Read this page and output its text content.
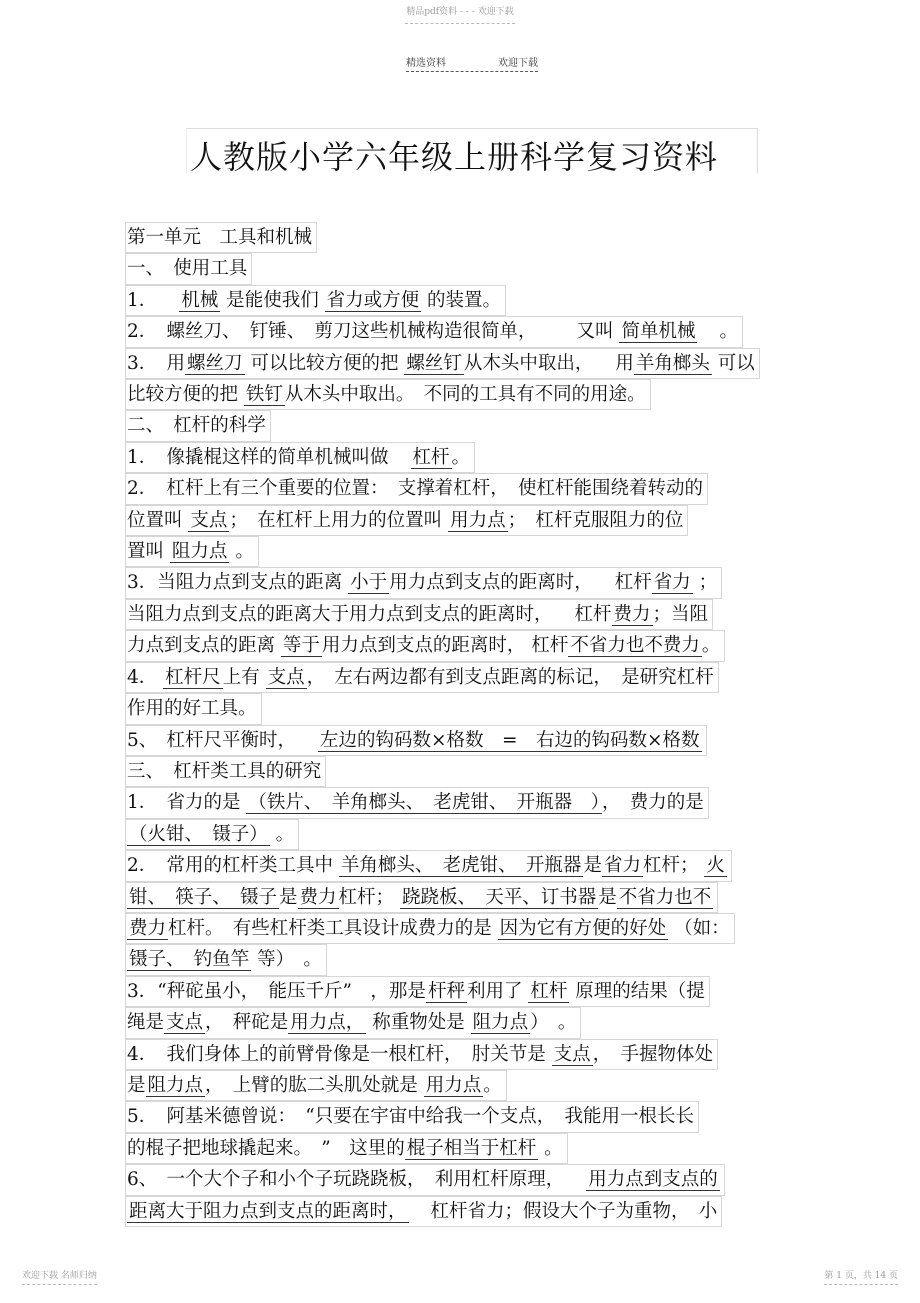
精品pdf资料 - - - 欢迎下载

精选资料	欢迎下载
人教版小学六年级上册科学复习资料
第一单元　工具和机械
一、　使用工具
1． 机械 是能使我们 省力或方便 的装置。
2．　螺丝刀、　钉锤、　剪刀这些机械构造很简单， 又叫 简单机械 。
3．　用 螺丝刀 可以比较方便的把 螺丝钉 从木头中取出， 用 羊角榔头 可以
比较方便的把 铁钉 从木头中取出。　不同的工具有不同的用途。
二、　杠杆的科学
1．　像撬棍这样的简单机械叫做 杠杆 。
2．　杠杆上有三个重要的位置：　支撑着杠杆，　使杠杆能围绕着转动的
位置叫 支点 ；　在杠杆上用力的位置叫 用力点 ；　杠杆克服阻力的位
置叫 阻力点 。
3．当阻力点到支点的距离 小于 用力点到支点的距离时， 杠杆 省力 ；
当阻力点到支点的距离大于用力点到支点的距离时， 杠杆 费力 ；当阻
力点到支点的距离 等于 用力点到支点的距离时， 杠杆 不省力也不费力 。
4． 杠杆尺 上有 支点 ，　左右两边都有到支点距离的标记，　是研究杠杆
作用的好工具。
5、　杠杆尺平衡时， 左边的钩码数×格数　=　右边的钩码数×格数
三、　杠杆类工具的研究
1．　省力的是 （铁片、　羊角榔头、　老虎钳、　开瓶器　） ，　费力的是
（火钳、　镊子） 。
2．　常用的杠杆类工具中 羊角榔头、　老虎钳、　开瓶器 是 省力 杠杆； 火
钳、　筷子、　镊子 是 费力 杠杆； 跷跷板、　天平、订书器 是 不省力也不
费力 杠杆。　有些杠杆类工具设计成费力的是 因为它有方便的好处 （如：
镊子、　钓鱼竿 等）　。
3．“秤砣虽小，　能压千斤”　，那是 杆秤 利用了 杠杆 原理的结果（提
绳是 支点 ，　秤砣是 用力点， 称重物处是 阻力点 ）　。
4．　我们身体上的前臂骨像是一根杠杆，　肘关节是 支点 ，　手握物体处
是 阻力点 ，　上臂的肱二头肌处就是 用力点 。
5．　阿基米德曾说：　“只要在宇宙中给我一个支点，　我能用一根长长
的棍子把地球撬起来。　”　这里的 棍子相当于杠杆 。
6、　一个大个子和小个子玩跷跷板，　利用杠杆原理， 用力点到支点的
距离大于阻力点到支点的距离时， 杠杆省力；假设大个子为重物，　小
欢迎下载 名师归纳	第 1 页，共 14 页
